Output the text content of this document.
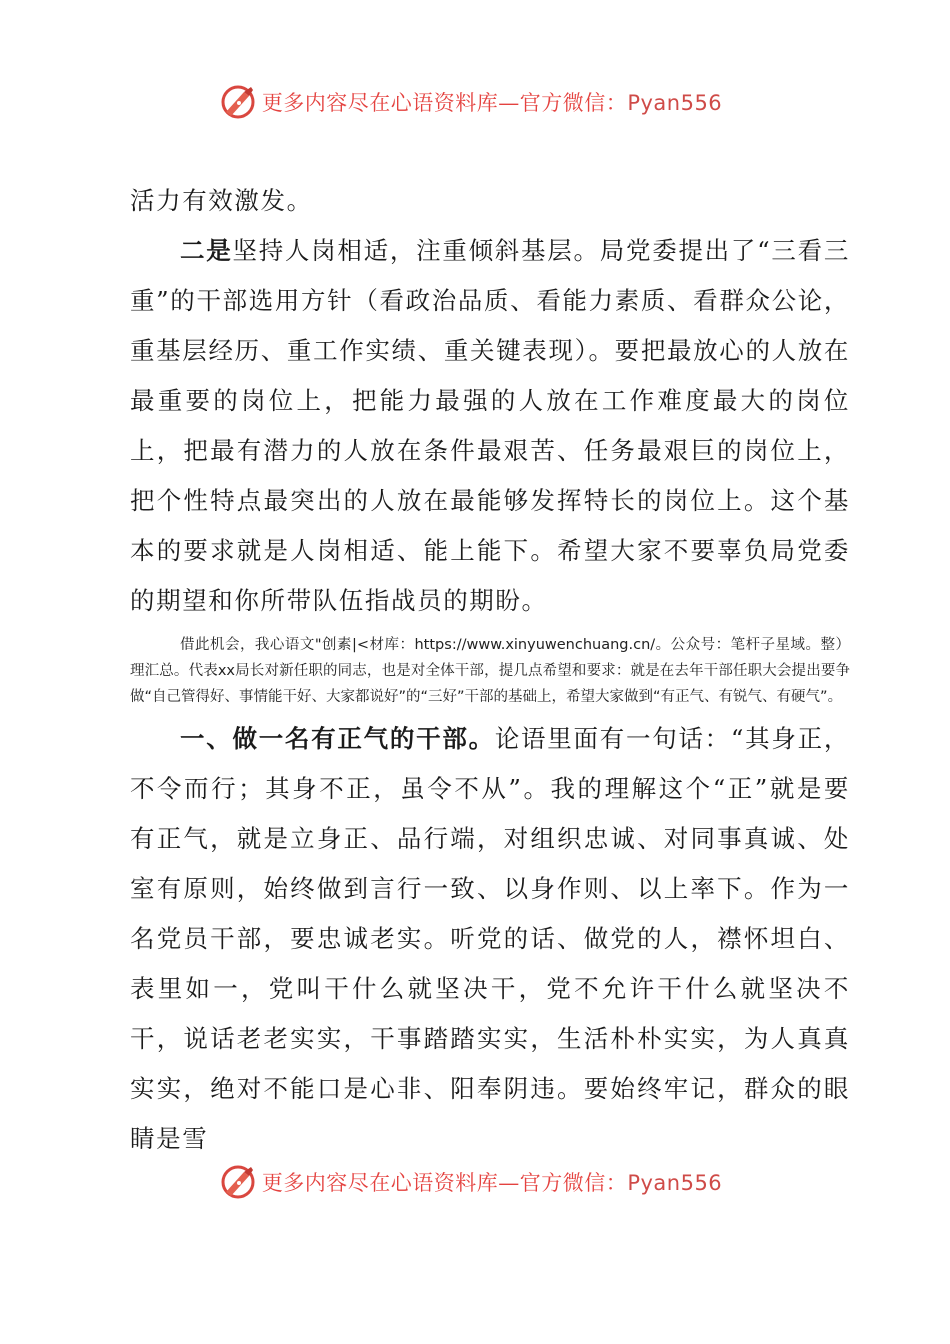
更多内容尽在心语资料库—官方微信：Pyan556

活力有效激发。

二是坚持人岗相适，注重倾斜基层。局党委提出了“三看三重”的干部选用方针（看政治品质、看能力素质、看群众公论，重基层经历、重工作实绩、重关键表现）。要把最放心的人放在最重要的岗位上，把能力最强的人放在工作难度最大的岗位上，把最有潜力的人放在条件最艰苦、任务最艰巨的岗位上，把个性特点最突出的人放在最能够发挥特长的岗位上。这个基本的要求就是人岗相适、能上能下。希望大家不要辜负局党委的期望和你所带队伍指战员的期盼。

借此机会，我心语文"创素|<材库：https://www.xinyuwenchuang.cn/。公众号：笔杆子星域。整）理汇总。代表xx局长对新任职的同志，也是对全体干部，提几点希望和要求：就是在去年干部任职大会提出要争做“自己管得好、事情能干好、大家都说好”的“三好”干部的基础上，希望大家做到“有正气、有锐气、有硬气”。

一、做一名有正气的干部。论语里面有一句话：“其身正，不令而行；其身不正，虽令不从”。我的理解这个“正”就是要有正气，就是立身正、品行端，对组织忠诚、对同事真诚、处室有原则，始终做到言行一致、以身作则、以上率下。作为一名党员干部，要忠诚老实。听党的话、做党的人，襟怀坦白、表里如一，党叫干什么就坚决干，党不允许干什么就坚决不干，说话老老实实，干事踏踏实实，生活朴朴实实，为人真真实实，绝对不能口是心非、阳奉阴违。要始终牢记，群众的眼睛是雪

更多内容尽在心语资料库—官方微信：Pyan556
